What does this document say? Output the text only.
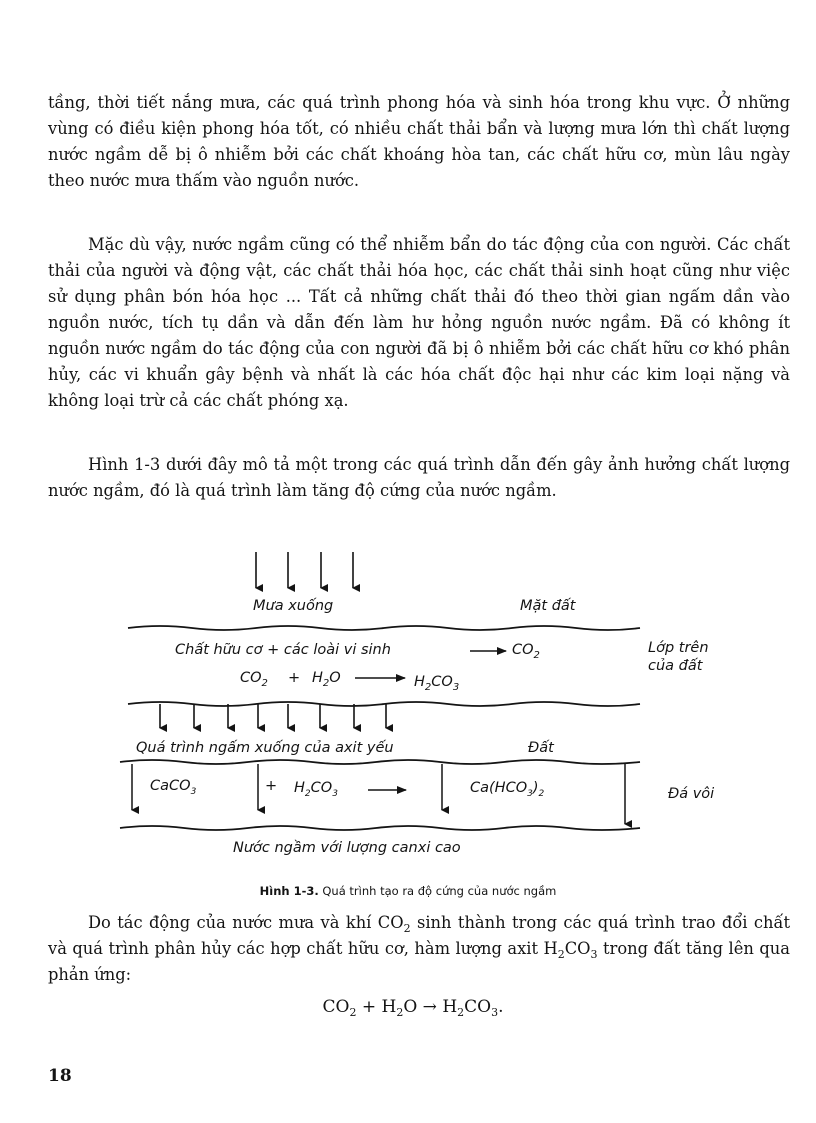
tầng, thời tiết nắng mưa, các quá trình phong hóa và sinh hóa trong khu vực. Ở những vùng có điều kiện phong hóa tốt, có nhiều chất thải bẩn và lượng mưa lớn thì chất lượng nước ngầm dễ bị ô nhiễm bởi các chất khoáng hòa tan, các chất hữu cơ, mùn lâu ngày theo nước mưa thấm vào nguồn nước.

Mặc dù vậy, nước ngầm cũng có thể nhiễm bẩn do tác động của con người. Các chất thải của người và động vật, các chất thải hóa học, các chất thải sinh hoạt cũng như việc sử dụng phân bón hóa học ... Tất cả những chất thải đó theo thời gian ngấm dần vào nguồn nước, tích tụ dần và dẫn đến làm hư hỏng nguồn nước ngầm. Đã có không ít nguồn nước ngầm do tác động của con người đã bị ô nhiễm bởi các chất hữu cơ khó phân hủy, các vi khuẩn gây bệnh và nhất là các hóa chất độc hại như các kim loại nặng và không loại trừ cả các chất phóng xạ.

Hình 1-3 dưới đây mô tả một trong các quá trình dẫn đến gây ảnh hưởng chất lượng nước ngầm, đó là quá trình làm tăng độ cứng của nước ngầm.

Mưa xuống	Mặt đất
Chất hữu cơ + các loài vi sinh	$CO_2$	Lớp trên
của đất
$CO_2 + H_2O$	$H_2CO_3$
Quá trình ngấm xuống của axit yếu	Đất
CaCO$_3$	+ $H_2CO_3$	$Ca(HCO_3)_2$	Đá vôi
Nước ngầm với lượng canxi cao
Hình 1-3. Quá trình tạo ra độ cứng của nước ngầm

Do tác động của nước mưa và khí $CO_2$ sinh thành trong các quá trình trao đổi chất và quá trình phân hủy các hợp chất hữu cơ, hàm lượng axit $H_2CO_3$ trong đất tăng lên qua phản ứng:

$CO_2 + H_2O \to H_2CO_3$.
18
